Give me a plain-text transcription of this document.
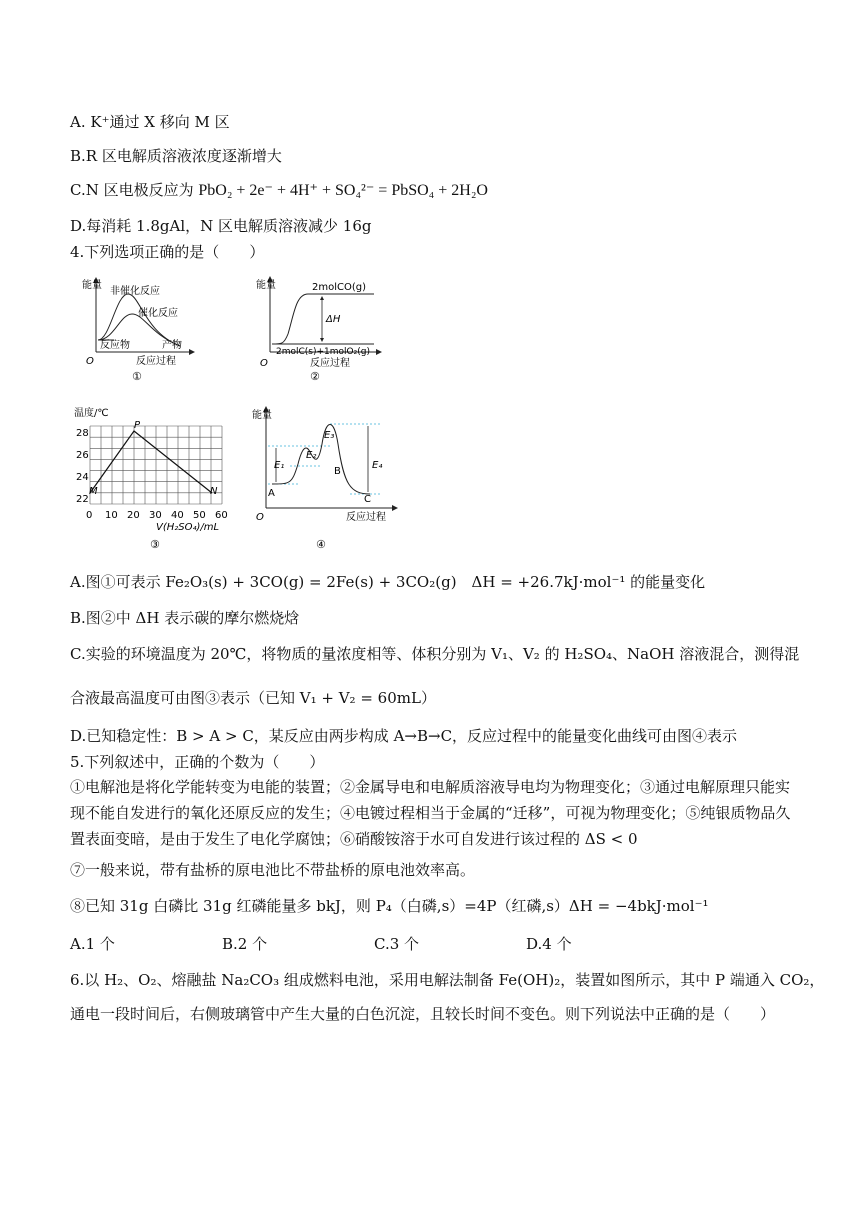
A. K⁺通过 X 移向 M 区
B.R 区电解质溶液浓度逐渐增大
C.N 区电极反应为 PbO₂ + 2e⁻ + 4H⁺ + SO₄²⁻ = PbSO₄ + 2H₂O
D.每消耗 1.8gAl，N 区电解质溶液减少 16g
4.下列选项正确的是（　　）
能量
非催化反应
催化反应
反应物	产物
O	反应过程
①
能量	2molCO(g)
ΔH
2molC(s)+1molO₂(g)
O	反应过程
②
温度/℃
28
26
24
22
0 10 20 30 40 50 60
V(H₂SO₄)/mL
P
M	N
③
能量
E₁
E₂
E₃
E₄
A
B
C
O	反应过程
④
A.图①可表示 Fe₂O₃(s) + 3CO(g) = 2Fe(s) + 3CO₂(g)　ΔH = +26.7kJ·mol⁻¹ 的能量变化
B.图②中 ΔH 表示碳的摩尔燃烧焓
C.实验的环境温度为 20℃，将物质的量浓度相等、体积分别为 V₁、V₂ 的 H₂SO₄、NaOH 溶液混合，测得混
合液最高温度可由图③表示（已知 V₁ + V₂ = 60mL）
D.已知稳定性：B > A > C，某反应由两步构成 A→B→C，反应过程中的能量变化曲线可由图④表示
5.下列叙述中，正确的个数为（　　）
①电解池是将化学能转变为电能的装置；②金属导电和电解质溶液导电均为物理变化；③通过电解原理只能实现不能自发进行的氧化还原反应的发生；④电镀过程相当于金属的“迁移”，可视为物理变化；⑤纯银质物品久置表面变暗，是由于发生了电化学腐蚀；⑥硝酸铵溶于水可自发进行该过程的 ΔS < 0
⑦一般来说，带有盐桥的原电池比不带盐桥的原电池效率高。
⑧已知 31g 白磷比 31g 红磷能量多 bkJ，则 P₄（白磷,s）=4P（红磷,s）ΔH = −4bkJ·mol⁻¹
A.1 个	B.2 个	C.3 个	D.4 个
6.以 H₂、O₂、熔融盐 Na₂CO₃ 组成燃料电池，采用电解法制备 Fe(OH)₂，装置如图所示，其中 P 端通入 CO₂，
通电一段时间后，右侧玻璃管中产生大量的白色沉淀，且较长时间不变色。则下列说法中正确的是（　　）
